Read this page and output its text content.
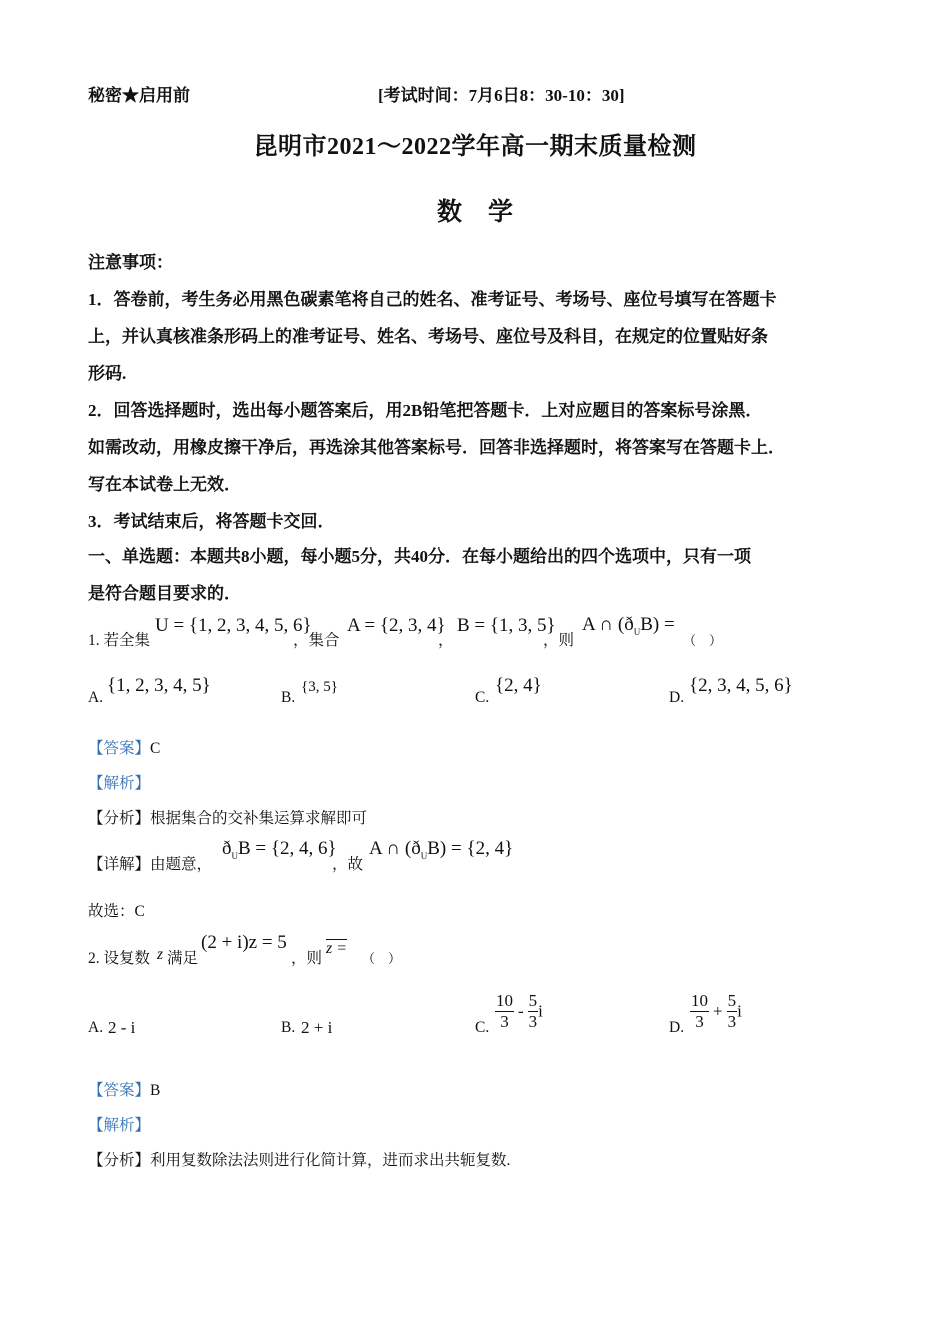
秘密★启用前	[考试时间：7月6日8：30-10：30]
昆明市2021～2022学年高一期末质量检测
数学
注意事项：
1．答卷前，考生务必用黑色碳素笔将自己的姓名、准考证号、考场号、座位号填写在答题卡
上，并认真核准条形码上的准考证号、姓名、考场号、座位号及科目，在规定的位置贴好条
形码.
2．回答选择题时，选出每小题答案后，用2B铅笔把答题卡．上对应题目的答案标号涂黑．
如需改动，用橡皮擦干净后，再选涂其他答案标号．回答非选择题时，将答案写在答题卡上．
写在本试卷上无效．
3．考试结束后，将答题卡交回．
一、单选题：本题共8小题，每小题5分，共40分．在每小题给出的四个选项中，只有一项
是符合题目要求的．
1. 若全集
U = {1, 2, 3, 4, 5, 6}
，集合
A = {2, 3, 4}
，
B = {1, 3, 5}
，则
A ∩ $(ð_UB)$ =
（　）
A.
{1, 2, 3, 4, 5}
B.
{3, 5}
C.
{2, 4}
D.
{2, 3, 4, 5, 6}
【答案】C
【解析】
【分析】根据集合的交补集运算求解即可
【详解】由题意，
$ð_UB = \{2$, 4, 6}
，故
A ∩ $(ð_UB) = \{2$, 4}
故选：C
2. 设复数 z 满足
(2 + i)z = 5
，则
z =
（　）
A. 2 - i	B. 2 + i	C. $\frac{10}{3} - \frac{5}{3}$ i
D. $\frac{10}{3} + \frac{5}{3}$ i
【答案】B
【解析】
【分析】利用复数除法法则进行化简计算，进而求出共轭复数.
